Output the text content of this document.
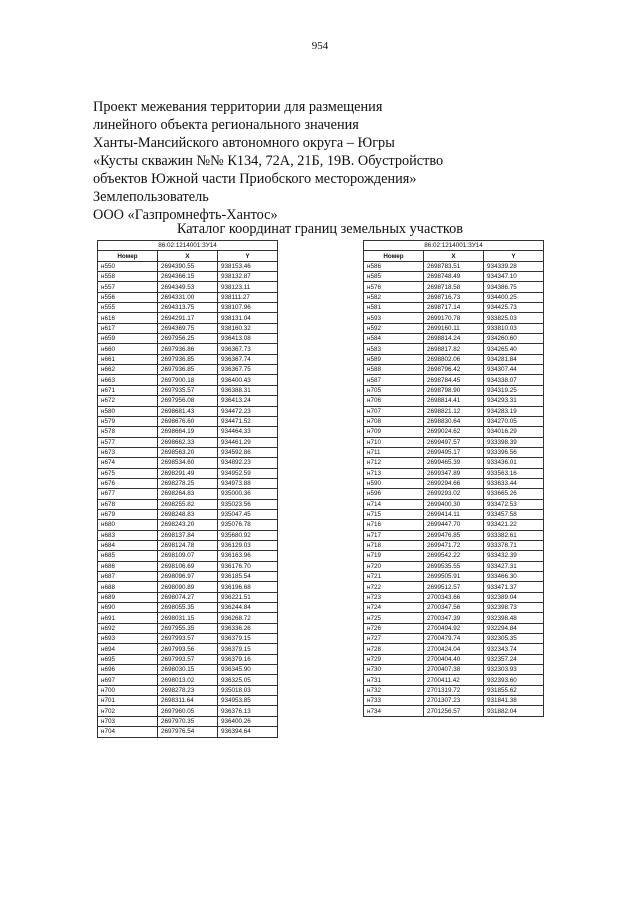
954
Проект межевания территории для размещения
линейного объекта регионального значения
Ханты-Мансийского автономного округа – Югры
«Кусты скважин №№ К134, 72А, 21Б, 19В. Обустройство
объектов Южной части Приобского месторождения»
Землепользователь
ООО «Газпромнефть-Хантос»
Каталог координат границ земельных участков
86:02:1214001:ЗУ14		
Номер	X	Y
н550	2694390.55	938153.46
н558	2694366.15	938132.87
н557	2694349.53	938123.11
н556	2694331.00	938111.27
н555	2694313.75	938107.96
н616	2694291.17	938131.04
н617	2694369.75	938160.32
н659	2697956.25	936413.08
н660	2697936.86	936367.73
н661	2697936.85	936367.74
н662	2697936.85	936367.75
н663	2697900.18	936400.43
н671	2697935.57	936388.31
н672	2697956.08	936413.24
н580	2698681.43	934472.23
н579	2698676.60	934471.52
н578	2698664.19	934464.33
н577	2698662.33	934461.29
н673	2698563.20	934592.86
н674	2698534.60	934892.23
н675	2698291.49	934952.59
н676	2698278.25	934973.88
н677	2698264.83	935000.36
н678	2698255.82	935023.56
н679	2698248.83	935047.45
н680	2698243.20	935076.78
н683	2698137.84	935680.92
н684	2698124.78	936129.03
н685	2698109.07	936163.96
н686	2698106.69	936176.70
н687	2698096.97	936185.54
н688	2698090.89	936196.68
н689	2698074.27	936221.51
н690	2698055.35	936244.84
н691	2698031.15	936268.72
н692	2697955.35	936336.26
н693	2697993.57	936379.15
н694	2697993.56	936379.15
н695	2697993.57	936379.16
н696	2698030.15	936345.90
н697	2698013.02	936325.05
н700	2698278.23	935018.03
н701	2698311.64	934953.85
н702	2697960.05	936376.13
н703	2697970.35	936400.26
н704	2697976.54	936394.64
86:02:1214001:ЗУ14		
Номер	X	Y
н586	2698783.51	934339.28
н585	2698748.49	934347.10
н576	2698718.58	934386.75
н582	2698716.73	934400.25
н581	2698717.14	934425.73
н593	2699170.78	933825.03
н592	2699160.11	933810.03
н584	2698814.24	934260.60
н583	2698817.82	934265.40
н589	2698802.06	934281.84
н588	2698796.42	934307.44
н587	2698784.45	934338.07
н705	2698798.90	934319.25
н706	2698814.41	934293.31
н707	2698821.12	934283.19
н708	2698830.64	934270.05
н709	2699024.62	934016.29
н710	2699497.57	933398.39
н711	2699495.17	933396.56
н712	2699465.39	933436.01
н713	2699347.89	933563.16
н590	2699294.66	933633.44
н596	2699293.02	933665.26
н714	2699400.30	933472.53
н715	2699414.11	933457.58
н716	2699447.70	933421.22
н717	2699476.85	933382.61
н718	2699471.72	933378.71
н719	2699542.22	933432.39
н720	2699535.55	933427.31
н721	2699505.91	933466.30
н722	2699512.57	933471.37
н723	2700343.66	932389.04
н724	2700347.56	932398.73
н725	2700347.39	932398.48
н726	2700494.92	932294.84
н727	2700479.74	932305.35
н728	2700424.04	932343.74
н729	2700404.40	932357.24
н730	2700407.38	932303.93
н731	2700411.42	932393.60
н732	2701319.72	931855.62
н733	2701307.23	931841.38
н734	2701256.57	931882.04
